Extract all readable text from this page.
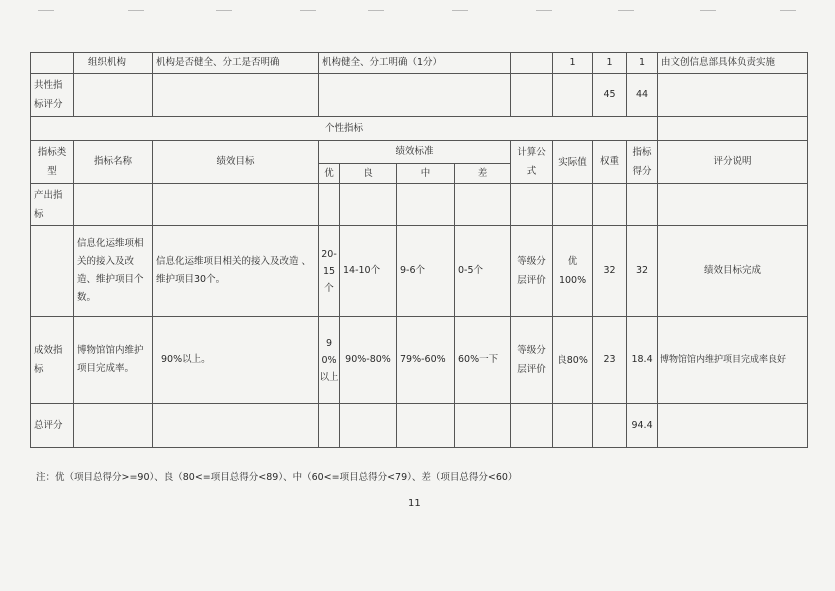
	组织机构	机构是否健全、分工是否明确	机构健全、分工明确（1分）					1	1	1	由文创信息部具体负责实施
共性指标评分									45	44	
个性指标											
指标类型	指标名称	绩效目标	绩效标准				计算公式	实际值	权重	指标得分	评分说明
			优	良	中	差					
产出指标											
	信息化运维项相关的接入及改造、维护项目个数。	信息化运维项目相关的接入及改造 、维护项目30个。	20-15个	14-10个	9-6个	0-5个	等级分层评价	优100%	32	32	绩效目标完成
成效指标	博物馆馆内维护项目完成率。	90%以上。	90%以上	90%-80%	79%-60%	60%一下	等级分层评价	良80%	23	18.4	博物馆馆内维护项目完成率良好
总评分										94.4	
注：优（项目总得分>=90）、良（80<=项目总得分<89）、中（60<=项目总得分<79）、差（项目总得分<60）
11
